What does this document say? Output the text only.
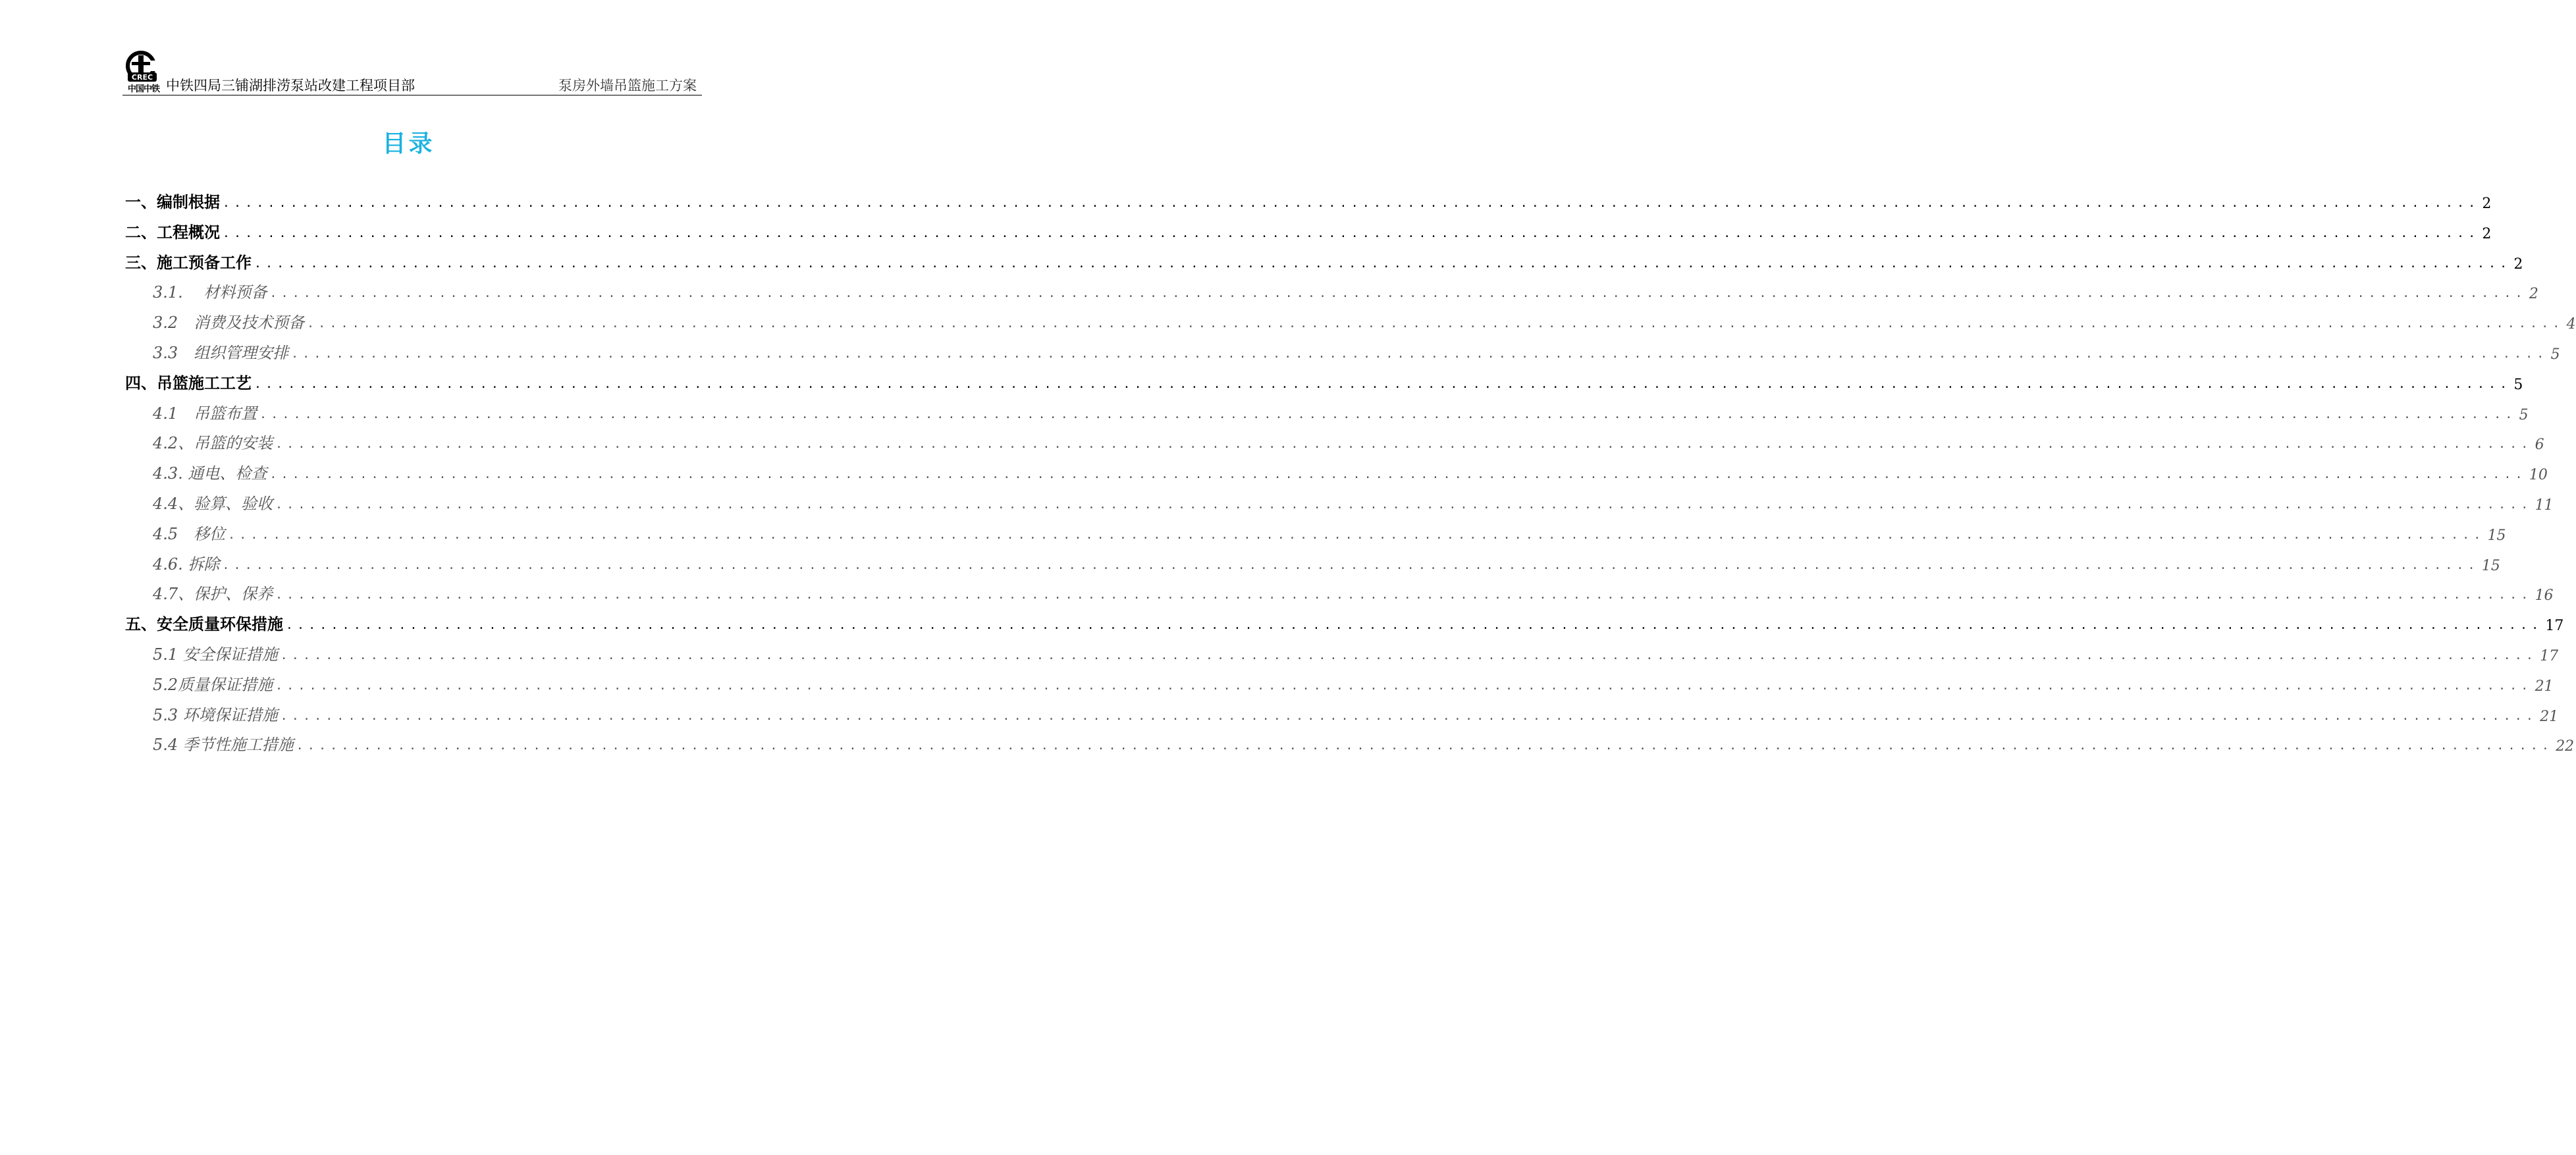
CREC
中国中铁 中铁四局三铺湖排涝泵站改建工程项目部	泵房外墙吊篮施工方案
目录
一、编制根据 ........................................................................................................................................................................................................ 2
二、工程概况 ........................................................................................................................................................................................................ 2
三、施工预备工作 ........................................................................................................................................................................................................ 2
3.1.　 材料预备 ........................................................................................................................................................................................................ 2
3.2　消费及技术预备 ........................................................................................................................................................................................................ 4
3.3　组织管理安排 ........................................................................................................................................................................................................ 5
四、吊篮施工工艺 ........................................................................................................................................................................................................ 5
4.1　吊篮布置 ........................................................................................................................................................................................................ 5
4.2、吊篮的安装 ........................................................................................................................................................................................................ 6
4.3. 通电、检查 ........................................................................................................................................................................................................ 10
4.4、验算、验收 ........................................................................................................................................................................................................ 11
4.5　移位 ........................................................................................................................................................................................................ 15
4.6. 拆除 ........................................................................................................................................................................................................ 15
4.7、保护、保养 ........................................................................................................................................................................................................ 16
五、安全质量环保措施 ........................................................................................................................................................................................................ 17
5.1 安全保证措施 ........................................................................................................................................................................................................ 17
5.2质量保证措施 ........................................................................................................................................................................................................ 21
5.3 环境保证措施 ........................................................................................................................................................................................................ 21
5.4 季节性施工措施 ........................................................................................................................................................................................................ 22
